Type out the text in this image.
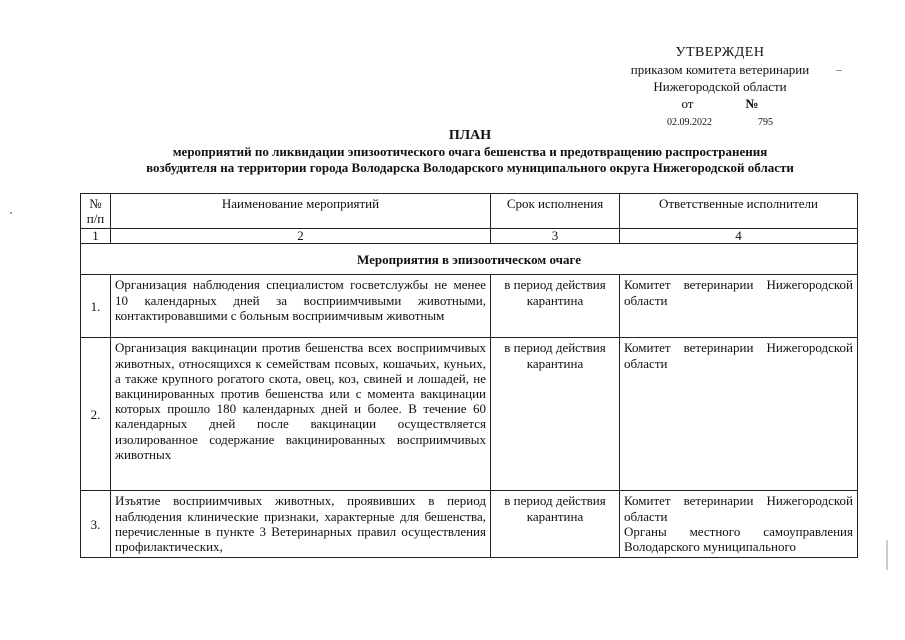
УТВЕРЖДЕН
приказом комитета ветеринарии
Нижегородской области
от	№
02.09.2022	795
ПЛАН
мероприятий по ликвидации эпизоотического очага бешенства и предотвращению распространения
возбудителя на территории города Володарска Володарского муниципального округа Нижегородской области
№ п/п	Наименование мероприятий	Срок исполнения	Ответственные исполнители
1	2	3	4
Мероприятия в эпизоотическом очаге			
1.	Организация наблюдения специалистом госветслужбы не менее 10 календарных дней за восприимчивыми животными, контактировавшими с больным восприимчивым животным	в период действия карантина	Комитет ветеринарии Нижегородской области

2.	Организация вакцинации против бешенства всех восприимчивых животных, относящихся к семействам псовых, кошачьих, куньих, а также крупного рогатого скота, овец, коз, свиней и лошадей, не вакцинированных против бешенства или с момента вакцинации которых прошло 180 календарных дней и более. В течение 60 календарных дней после вакцинации осуществляется изолированное содержание вакцинированных восприимчивых животных	в период действия карантина	Комитет ветеринарии Нижегородской области

3.	Изъятие восприимчивых животных, проявивших в период наблюдения клинические признаки, характерные для бешенства, перечисленные в пункте 3 Ветеринарных правил осуществления профилактических,	в период действия карантина	Комитет ветеринарии Нижегородской области
Органы местного самоуправления Володарского муниципального
